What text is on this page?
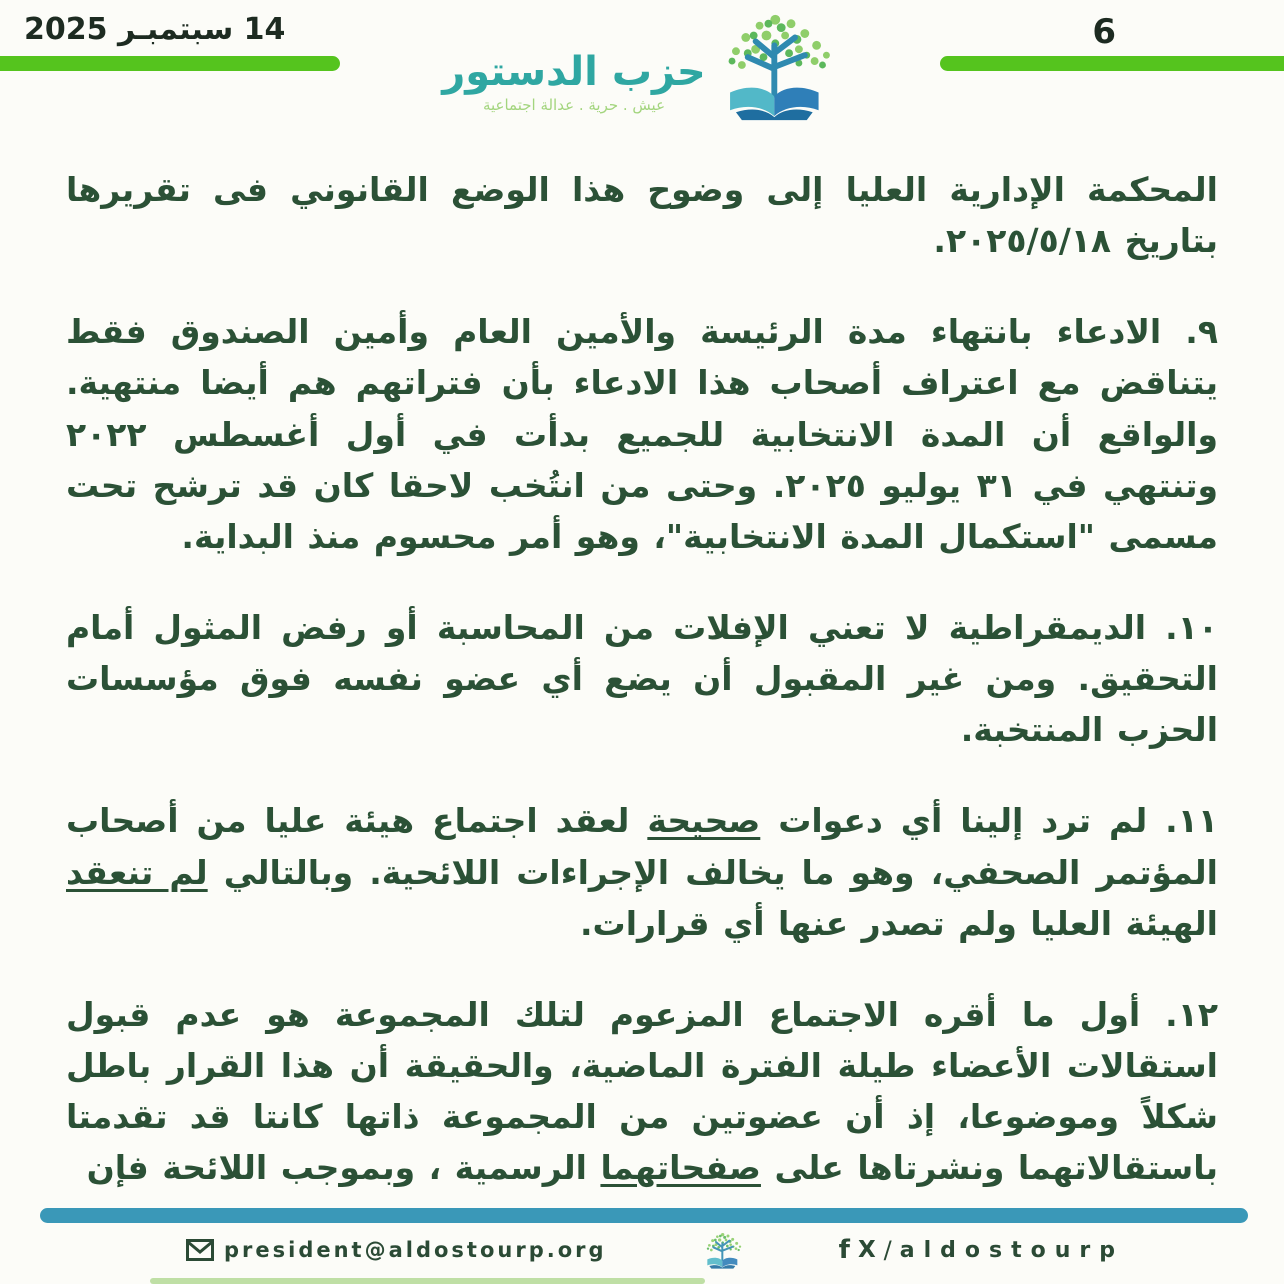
14 سبتمبـر 2025	6
حزب الدستور
عيش . حرية . عدالة اجتماعية

المحكمة الإدارية العليا إلى وضوح هذا الوضع القانوني فى تقريرها بتاريخ ٢٠٢٥/٥/١٨.

٩. الادعاء بانتهاء مدة الرئيسة والأمين العام وأمين الصندوق فقط يتناقض مع اعتراف أصحاب هذا الادعاء بأن فتراتهم هم أيضا منتهية. والواقع أن المدة الانتخابية للجميع بدأت في أول أغسطس ٢٠٢٢ وتنتهي في ٣١ يوليو ٢٠٢٥. وحتى من انتُخب لاحقا كان قد ترشح تحت مسمى "استكمال المدة الانتخابية"، وهو أمر محسوم منذ البداية.

١٠. الديمقراطية لا تعني الإفلات من المحاسبة أو رفض المثول أمام التحقيق. ومن غير المقبول أن يضع أي عضو نفسه فوق مؤسسات الحزب المنتخبة.

١١. لم ترد إلينا أي دعوات صحيحة لعقد اجتماع هيئة عليا من أصحاب المؤتمر الصحفي، وهو ما يخالف الإجراءات اللائحية. وبالتالي لم تنعقد الهيئة العليا ولم تصدر عنها أي قرارات.

١٢. أول ما أقره الاجتماع المزعوم لتلك المجموعة هو عدم قبول استقالات الأعضاء طيلة الفترة الماضية، والحقيقة أن هذا القرار باطل شكلاً وموضوعا، إذ أن عضوتين من المجموعة ذاتها كانتا قد تقدمتا باستقالاتهما ونشرتاها على صفحاتهما الرسمية ، وبموجب اللائحة فإن

president@aldostourp.org	f X / aldostourp
